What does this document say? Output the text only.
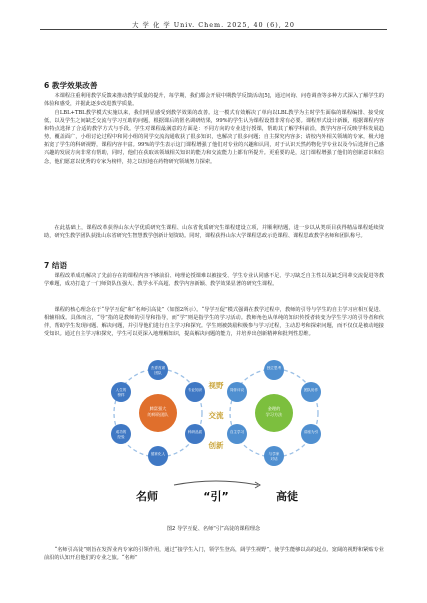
大 学 化 学 Univ. Chem. 2025, 40 (6), 20
6 教学效果改善

本课程注重利用教学反馈来推动教学质量的提升，每学期，我们都会开展中期教学反馈活动[5]，通过问询、问卷调查等多种方式深入了解学生的体验和感受，并据此逐步改进教学质量。

自LBL+TBL教学模式实施以来，我们明显感受到教学效果的改善。这一模式有效解决了单向以LBL教学为主时学生面临的课程编排、接受度低，以及学生之间缺乏交流与学习互助的问题，根据课后的匿名调研结果，99%的学生认为课程设置非常有必要。课程形式设计新颖，根据课程内容和特点选择了合适的教学方式与手段。学生对课程最满意的方面是：不同方向的专业进行授课，帮助其了解学科前沿，教学内容可反映学科发展趋势，覆盖面广，小组讨论过程中和同小组的同学交流沟通收获了很多知识，也解决了很多问题；自主探究内容多；请校内外相关领域的专家，极大地拓宽了学生的科研视野，课程内容丰富。99%的学生表示这门课程增强了他们对专业的兴趣和认同，对于认识天然药物化学专业以及今后选择自己感兴趣的发展方向非常有帮助，同时，他们在获取该领域相关知识的能力和交流能力上都有所提升。更重要的是，这门课程增强了他们的创新意识和信念，他们愿意以优秀的专家为榜样，持之以恒地在药物研究领域努力探索。

在此基础上，课程改革获得山东大学优质研究生课程、山东省优质研究生课程建设立项，并顺利结题，进一步以从类项目获得精品课程延续资助，研究生教学团队获批山东省研究生智慧教学创新计划资助。同时，课程获得山东大学课程思政示范课程、课程思政教学名师和团队称号。

7 结语

课程改革成功解决了先前存在的课程内容不够前沿、纯理论授课难以被接受、学生专业认同感不足、学习缺乏自主性以及缺乏同辈交流促进等教学难题，成功打造了一门师资队伍强大、教学水平高超、教学内容新颖、教学效果显著的研究生课程。

课程的核心理念在于“导学互促”和“名师引高徒”（如图2所示）。“导学互促”模式强调在教学过程中，教师的引导与学生的自主学习应相互促进、相辅相成。具体而言，“导”指的是教师的引导和指导，而“学”则是指学生的学习活动。教师角色从单纯的知识传授者转变为学生学习的引导者和伙伴，帮助学生发现问题、解决问题，并引导他们进行自主学习和探究。学生则被鼓励积极参与学习过程，主动思考和探索问题，而不仅仅是被动地接受知识。通过自主学习和探究，学生可以更深入地理解知识，提高解决问题的能力，并培养出创新精神和批判性思维。

腾富强大
的师资团队
杰青首席
团队
专业知识
科研品质
德育化人
成功的
经验
人生的
榜样
金理的
学习方法
独立思考
团队协作
讲座为引
与学家
对话
自主学习
同伴评议
视野
交流
创新
名师	“引”	高徒
图2 导学互促、名师“引”高徒的课程理念

“名师引高徒”则旨在发挥业内专家的引领作用，通过“接学生入门，领学生登高，阔学生视野”，使学生能够以高的起点、宽阔的视野和紧贴专业前沿的认知开启他们的专业之旅。“名师”
